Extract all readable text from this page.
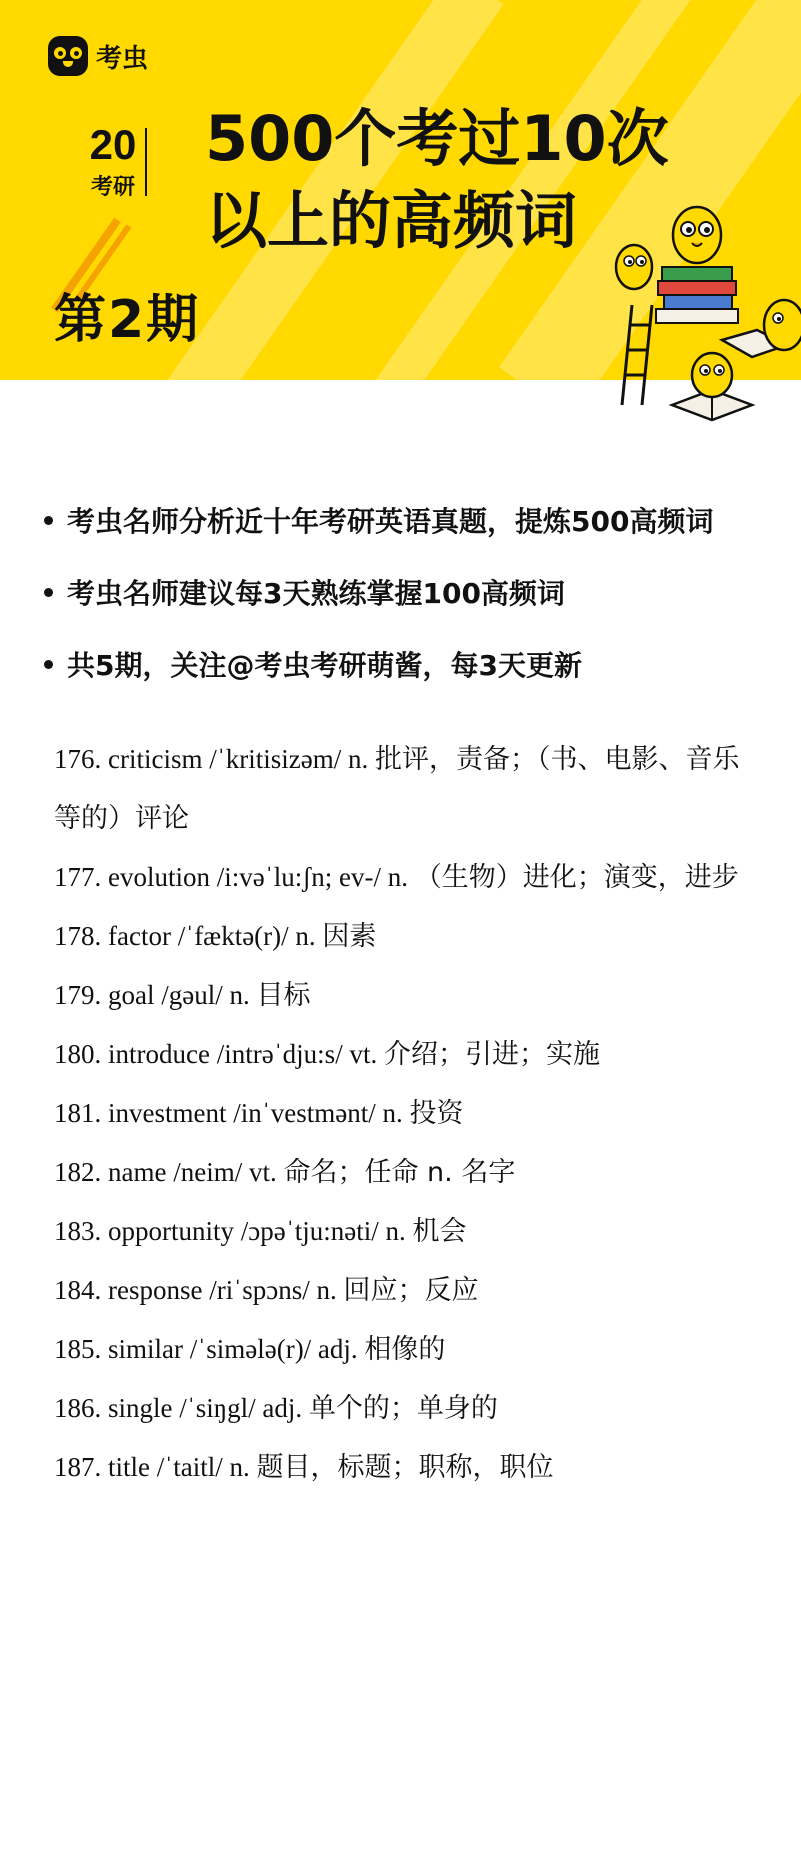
考虫
20
考研
500个考过10次
以上的高频词
第2期
考虫名师分析近十年考研英语真题，提炼500高频词
考虫名师建议每3天熟练掌握100高频词
共5期，关注@考虫考研萌酱，每3天更新
176. criticism /ˈkritisizəm/ n. 批评，责备；（书、电影、音乐等的）评论
177. evolution /i:vəˈlu:ʃn; ev-/ n. （生物）进化；演变，进步
178. factor /ˈfæktə(r)/ n. 因素
179. goal /gəul/ n. 目标
180. introduce /intrəˈdju:s/ vt. 介绍；引进；实施
181. investment /inˈvestmənt/ n. 投资
182. name /neim/ vt. 命名；任命 n. 名字
183. opportunity /ɔpəˈtju:nəti/ n. 机会
184. response /riˈspɔns/ n. 回应；反应
185. similar /ˈsimələ(r)/ adj. 相像的
186. single /ˈsiŋgl/ adj. 单个的；单身的
187. title /ˈtaitl/ n. 题目，标题；职称，职位
